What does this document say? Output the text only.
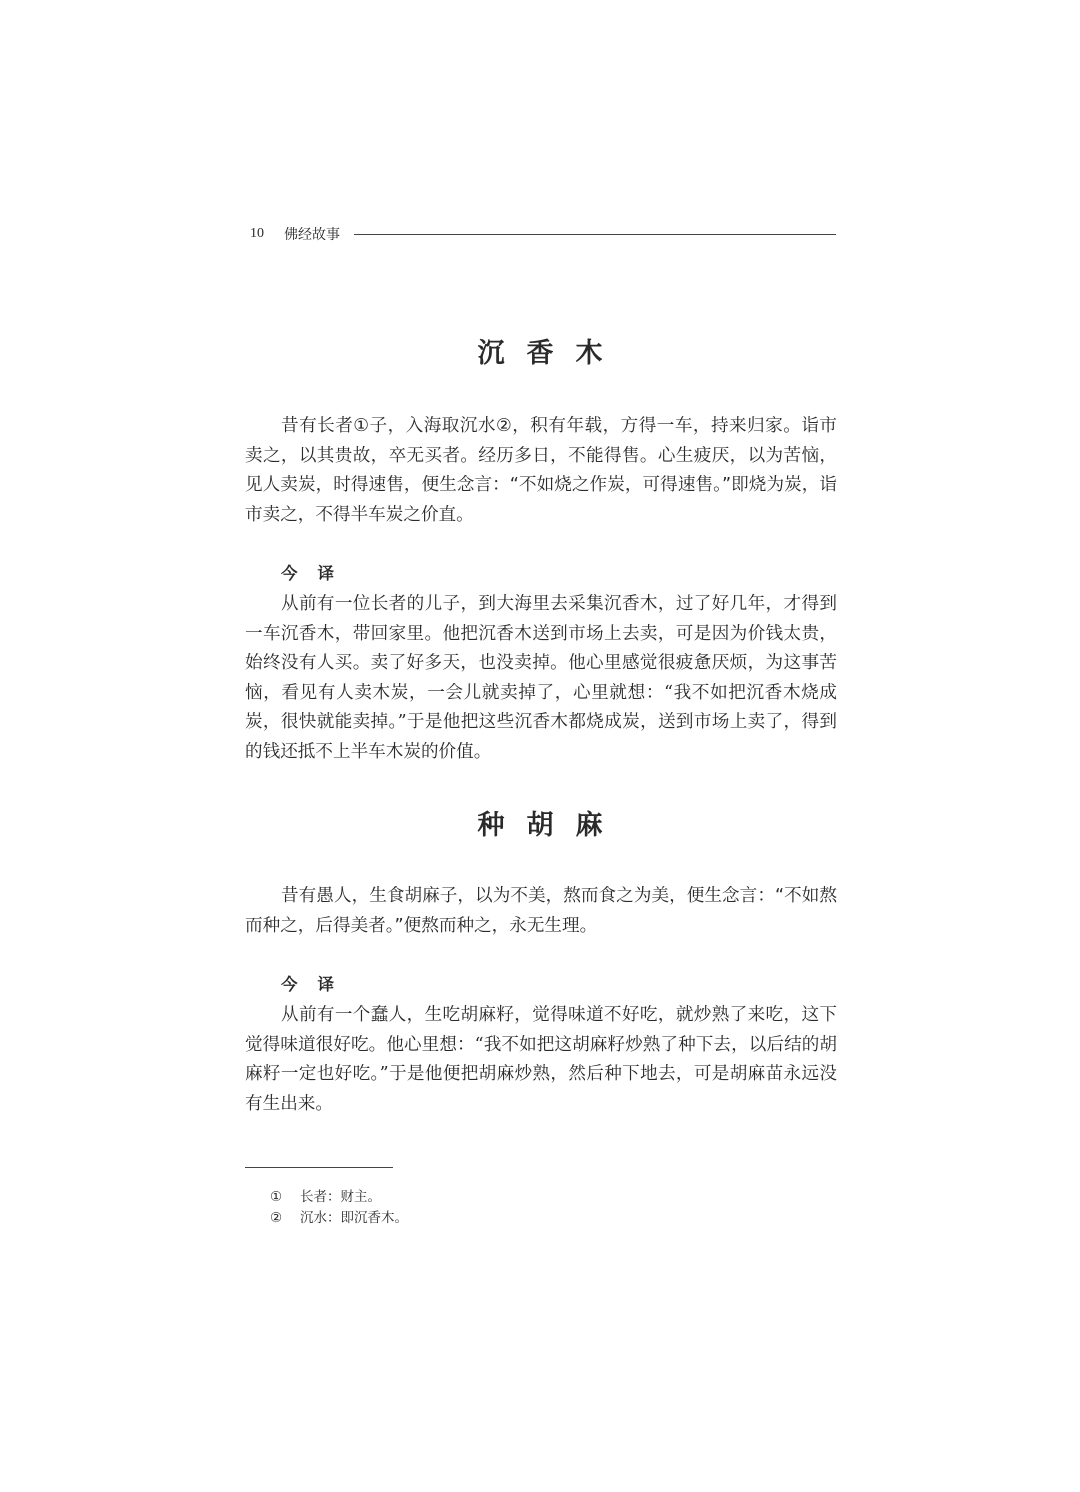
10 佛经故事
沉香木

昔有长者①子，入海取沉水②，积有年载，方得一车，持来归家。诣市卖之，以其贵故，卒无买者。经历多日，不能得售。心生疲厌，以为苦恼，见人卖炭，时得速售，便生念言：“不如烧之作炭，可得速售。”即烧为炭，诣市卖之，不得半车炭之价直。

今译

从前有一位长者的儿子，到大海里去采集沉香木，过了好几年，才得到一车沉香木，带回家里。他把沉香木送到市场上去卖，可是因为价钱太贵，始终没有人买。卖了好多天，也没卖掉。他心里感觉很疲惫厌烦，为这事苦恼，看见有人卖木炭，一会儿就卖掉了，心里就想：“我不如把沉香木烧成炭，很快就能卖掉。”于是他把这些沉香木都烧成炭，送到市场上卖了，得到的钱还抵不上半车木炭的价值。

种胡麻

昔有愚人，生食胡麻子，以为不美，熬而食之为美，便生念言：“不如熬而种之，后得美者。”便熬而种之，永无生理。

今译

从前有一个蠢人，生吃胡麻籽，觉得味道不好吃，就炒熟了来吃，这下觉得味道很好吃。他心里想：“我不如把这胡麻籽炒熟了种下去，以后结的胡麻籽一定也好吃。”于是他便把胡麻炒熟，然后种下地去，可是胡麻苗永远没有生出来。

① 长者：财主。
② 沉水：即沉香木。
